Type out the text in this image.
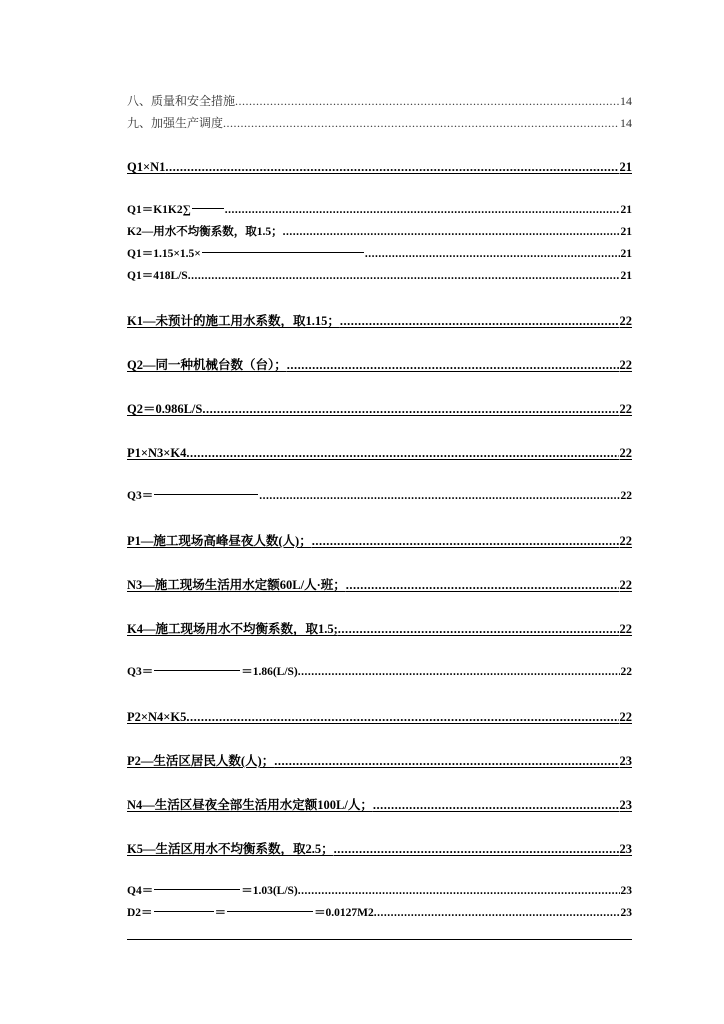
八、质量和安全措施 .....	14
九、加强生产调度 .....	14
Q1×N1 .....	21
Q1＝K1K2∑ .....	21
K2—用水不均衡系数，取1.5； .....	21
Q1＝1.15×1.5× .....	21
Q1＝418L/S .....	21
K1—未预计的施工用水系数，取1.15； .....	22
Q2—同一种机械台数（台）； .....	22
Q2＝0.986L/S .....	22
P1×N3×K4 .....	22
Q3＝ .....	22
P1—施工现场高峰昼夜人数(人)； .....	22
N3—施工现场生活用水定额60L/人·班； .....	22
K4—施工现场用水不均衡系数，取1.5; .....	22
Q3＝	＝1.86(L/S) .....	22
P2×N4×K5 .....	22
P2—生活区居民人数(人)； .....	23
N4—生活区昼夜全部生活用水定额100L/人； .....	23
K5—生活区用水不均衡系数，取2.5； .....	23
Q4＝	＝1.03(L/S) .....	23
D2＝	＝	＝0.0127M2 .....	23
